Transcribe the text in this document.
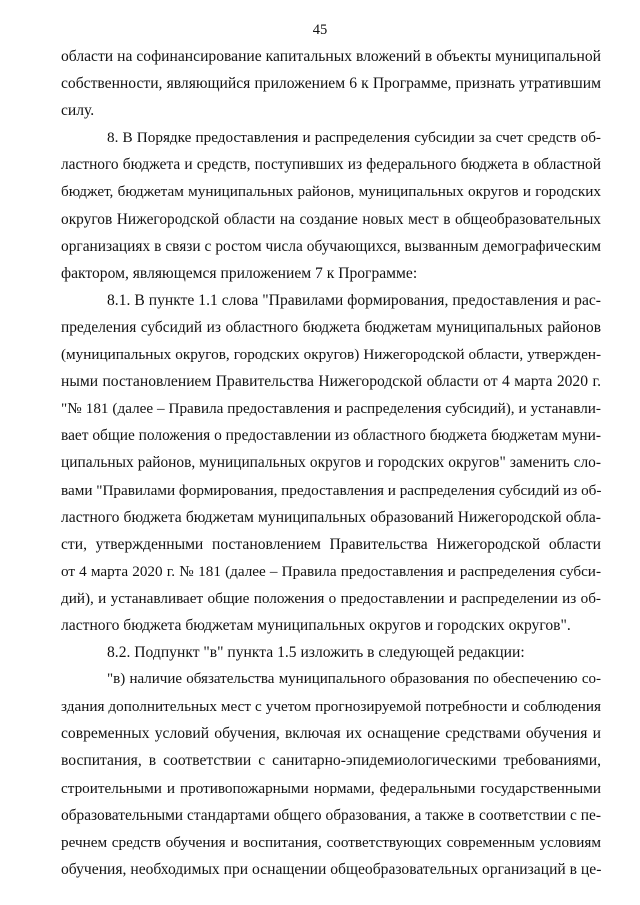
45
области на софинансирование капитальных вложений в объекты муниципальной
собственности, являющийся приложением 6 к Программе, признать утратившим
силу.
8. В Порядке предоставления и распределения субсидии за счет средств об-
ластного бюджета и средств, поступивших из федерального бюджета в областной
бюджет, бюджетам муниципальных районов, муниципальных округов и городских
округов Нижегородской области на создание новых мест в общеобразовательных
организациях в связи с ростом числа обучающихся, вызванным демографическим
фактором, являющемся приложением 7 к Программе:
8.1. В пункте 1.1 слова "Правилами формирования, предоставления и рас-
пределения субсидий из областного бюджета бюджетам муниципальных районов
(муниципальных округов, городских округов) Нижегородской области, утвержден-
ными постановлением Правительства Нижегородской области от 4 марта 2020 г.
"№ 181 (далее – Правила предоставления и распределения субсидий), и устанавли-
вает общие положения о предоставлении из областного бюджета бюджетам муни-
ципальных районов, муниципальных округов и городских округов" заменить сло-
вами "Правилами формирования, предоставления и распределения субсидий из об-
ластного бюджета бюджетам муниципальных образований Нижегородской обла-
сти, утвержденными постановлением Правительства Нижегородской области
от 4 марта 2020 г. № 181 (далее – Правила предоставления и распределения субси-
дий), и устанавливает общие положения о предоставлении и распределении из об-
ластного бюджета бюджетам муниципальных округов и городских округов".
8.2. Подпункт "в" пункта 1.5 изложить в следующей редакции:
"в) наличие обязательства муниципального образования по обеспечению со-
здания дополнительных мест с учетом прогнозируемой потребности и соблюдения
современных условий обучения, включая их оснащение средствами обучения и
воспитания, в соответствии с санитарно-эпидемиологическими требованиями,
строительными и противопожарными нормами, федеральными государственными
образовательными стандартами общего образования, а также в соответствии с пе-
речнем средств обучения и воспитания, соответствующих современным условиям
обучения, необходимых при оснащении общеобразовательных организаций в це-
